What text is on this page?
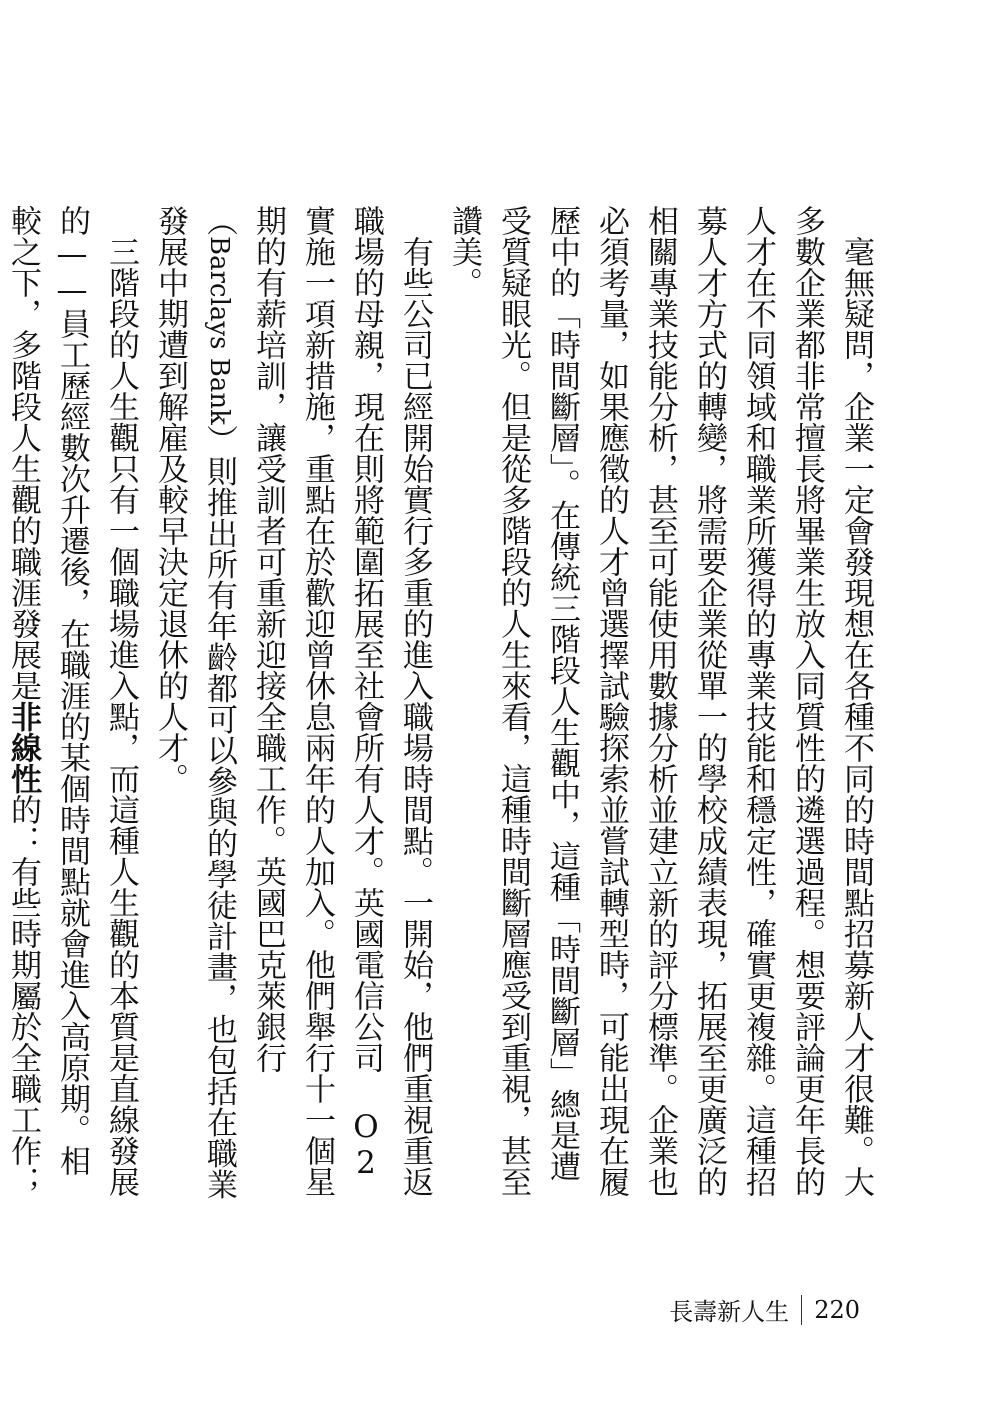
毫無疑問，企業一定會發現想在各種不同的時間點招募新人才很難。大多數企業都非常擅長將畢業生放入同質性的遴選過程。想要評論更年長的人才在不同領域和職業所獲得的專業技能和穩定性，確實更複雜。這種招募人才方式的轉變，將需要企業從單一的學校成績表現，拓展至更廣泛的相關專業技能分析，甚至可能使用數據分析並建立新的評分標準。企業也必須考量，如果應徵的人才曾選擇試驗探索並嘗試轉型時，可能出現在履歷中的「時間斷層」。在傳統三階段人生觀中，這種「時間斷層」總是遭受質疑眼光。但是從多階段的人生來看，這種時間斷層應受到重視，甚至讚美。

有些公司已經開始實行多重的進入職場時間點。一開始，他們重視重返職場的母親，現在則將範圍拓展至社會所有人才。英國電信公司 O2 實施一項新措施，重點在於歡迎曾休息兩年的人加入。他們舉行十一個星期的有薪培訓，讓受訓者可重新迎接全職工作。英國巴克萊銀行（Barclays Bank）則推出所有年齡都可以參與的學徒計畫，也包括在職業發展中期遭到解雇及較早決定退休的人才。

三階段的人生觀只有一個職場進入點，而這種人生觀的本質是直線發展的——員工歷經數次升遷後，在職涯的某個時間點就會進入高原期。相較之下，多階段人生觀的職涯發展是非線性的：有些時期屬於全職工作；

長壽新人生 220
